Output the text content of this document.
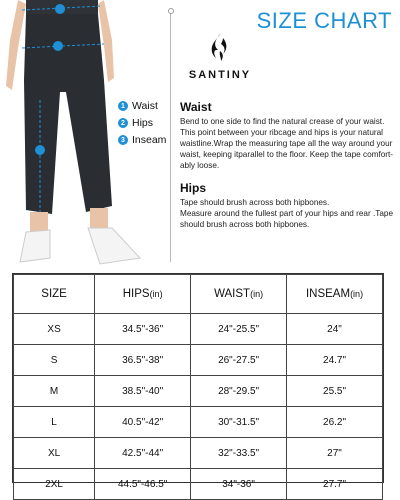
1 Waist
2 Hips
3 Inseam
SIZE CHART
SANTINY
Waist
Bend to one side to find the natural crease of your waist. This point between your ribcage and hips is your natural waistline.Wrap the measuring tape all the way around your waist, keeping itparallel to the floor. Keep the tape comfort-ably loose.
Hips
Tape should brush across both hipbones.
Measure around the fullest part of your hips and rear .Tape should brush across both hipbones.
SIZE	HIPS(in)	WAIST(in)	INSEAM(in)
XS	34.5"-36"	24"-25.5"	24"
S	36.5"-38"	26"-27.5"	24.7"
M	38.5"-40"	28"-29.5"	25.5"
L	40.5"-42"	30"-31.5"	26.2"
XL	42.5"-44"	32"-33.5"	27"
2XL	44.5"-46.5"	34"-36"	27.7"
